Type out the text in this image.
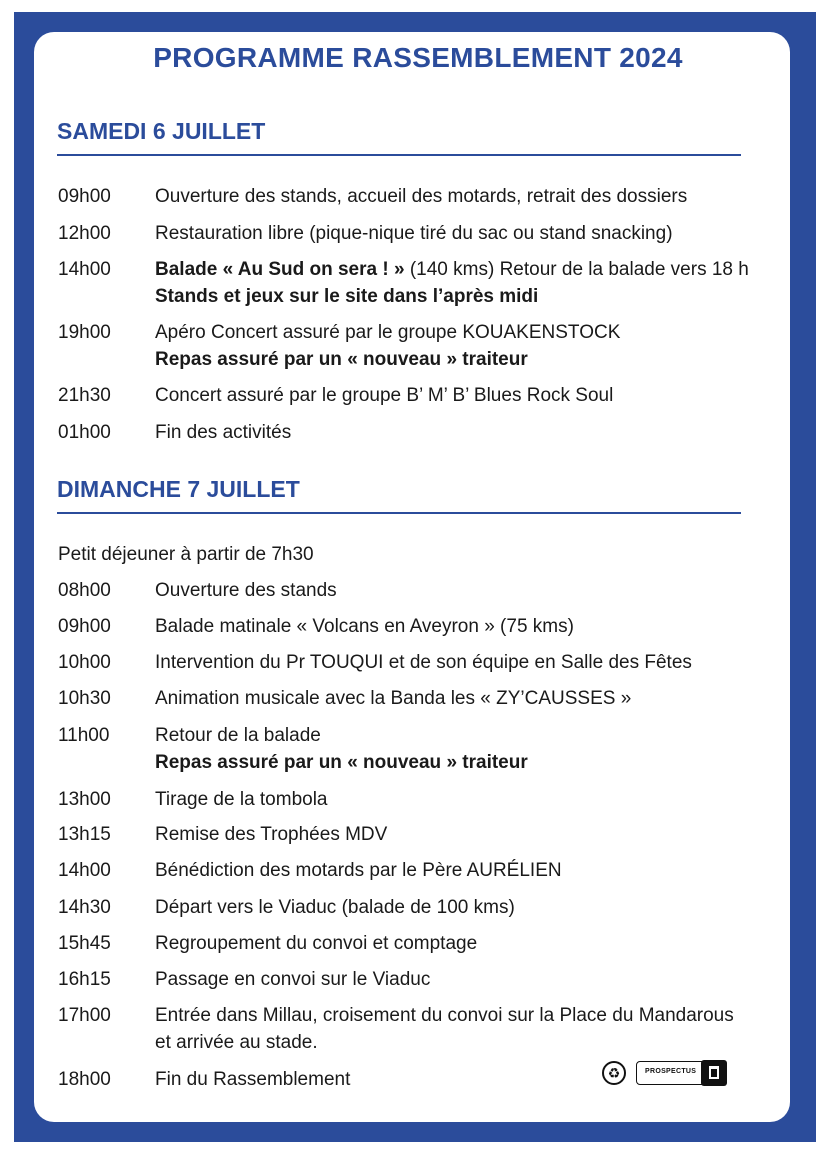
Ne pas jeter sur la voie publique.
PROGRAMME RASSEMBLEMENT 2024
SAMEDI 6 JUILLET
09h00 Ouverture des stands, accueil des motards, retrait des dossiers
12h00 Restauration libre (pique-nique tiré du sac ou stand snacking)
14h00 Balade « Au Sud on sera ! » (140 kms) Retour de la balade vers 18 h
Stands et jeux sur le site dans l’après midi
19h00 Apéro Concert assuré par le groupe KOUAKENSTOCK
Repas assuré par un « nouveau » traiteur
21h30 Concert assuré par le groupe B’ M’ B’ Blues Rock Soul
01h00 Fin des activités
DIMANCHE 7 JUILLET
Petit déjeuner à partir de 7h30
08h00 Ouverture des stands
09h00 Balade matinale « Volcans en Aveyron » (75 kms)
10h00 Intervention du Pr TOUQUI et de son équipe en Salle des Fêtes
10h30 Animation musicale avec la Banda les « ZY’CAUSSES »
11h00 Retour de la balade
Repas assuré par un « nouveau » traiteur
13h00 Tirage de la tombola
13h15 Remise des Trophées MDV
14h00 Bénédiction des motards par le Père AURÉLIEN
14h30 Départ vers le Viaduc (balade de 100 kms)
15h45 Regroupement du convoi et comptage
16h15 Passage en convoi sur le Viaduc
17h00 Entrée dans Millau, croisement du convoi sur la Place du Mandarous
et arrivée au stade.
18h00 Fin du Rassemblement	♻	PROSPECTUS
